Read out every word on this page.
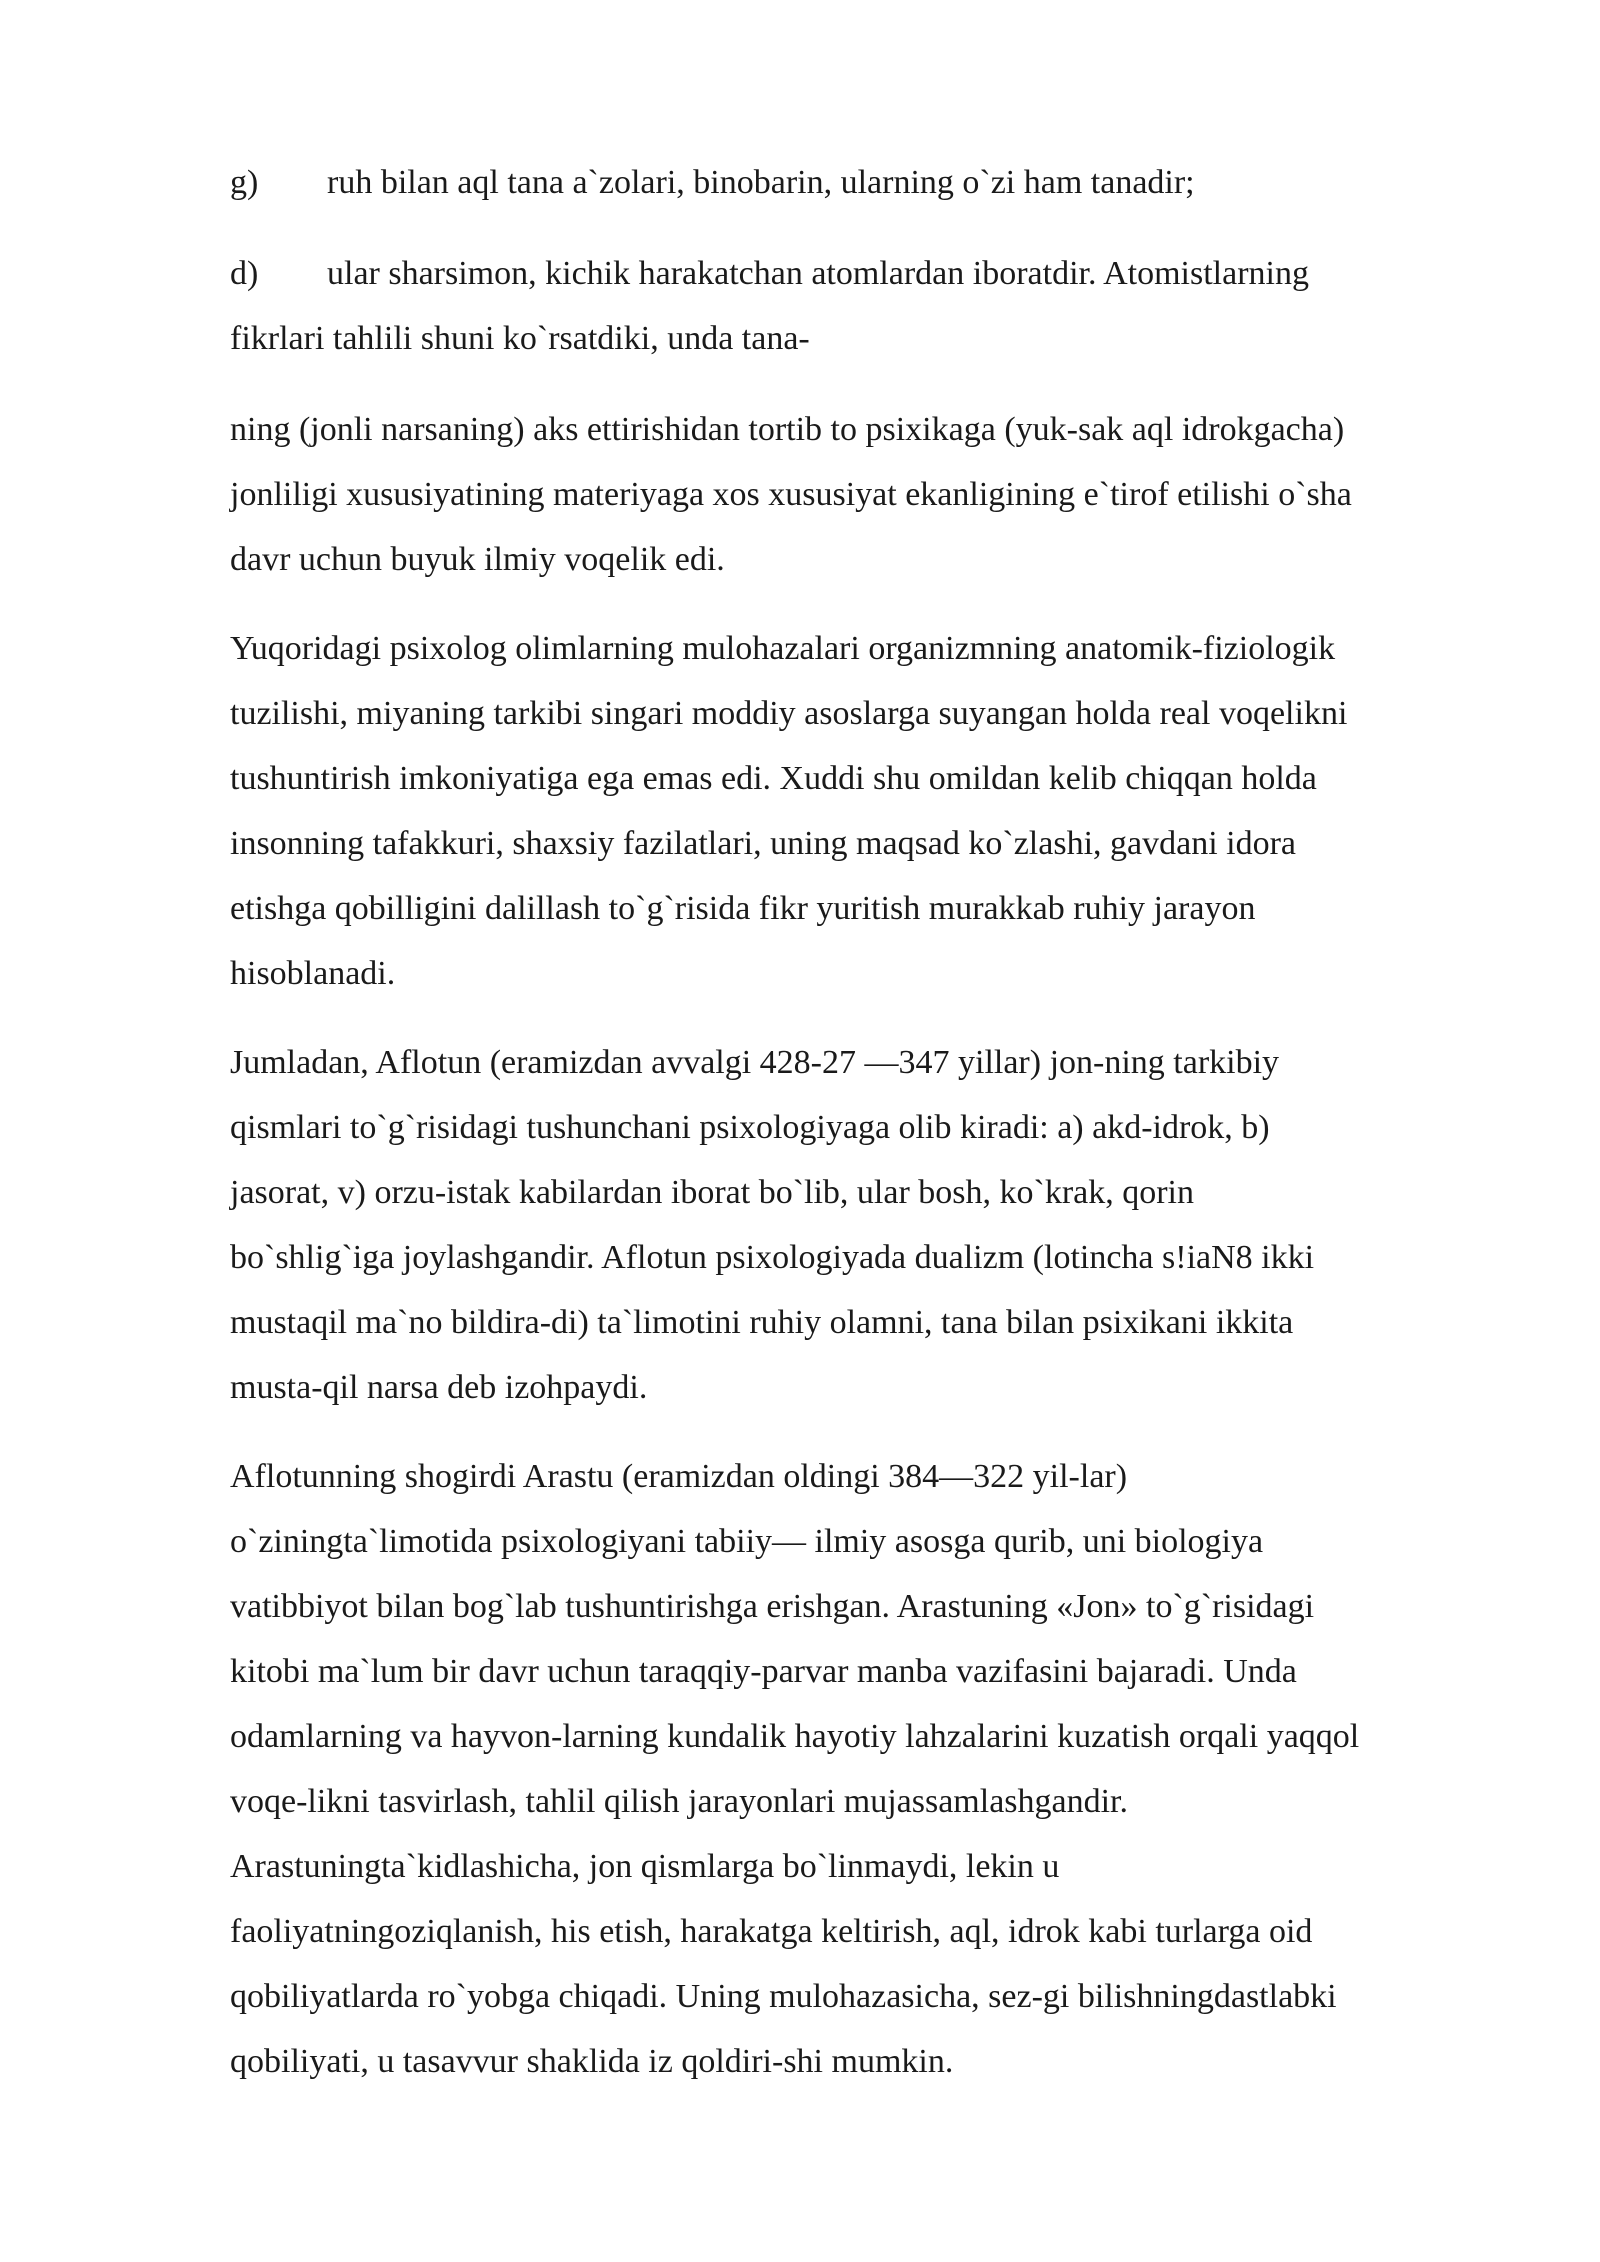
g)	ruh bilan aql tana a`zolari, binobarin, ularning o`zi ham tanadir;
d)	ular sharsimon, kichik harakatchan atomlardan iboratdir. Atomistlarning
fikrlari tahlili shuni ko`rsatdiki, unda tana-
ning (jonli narsaning) aks ettirishidan tortib to psixikaga (yuk-sak aql idrokgacha)
jonliligi xususiyatining materiyaga xos xususiyat ekanligining e`tirof etilishi o`sha
davr uchun buyuk ilmiy voqelik edi.
Yuqoridagi psixolog olimlarning mulohazalari organizmning anatomik-fiziologik
tuzilishi, miyaning tarkibi singari moddiy asoslarga suyangan holda real voqelikni
tushuntirish imkoniyatiga ega emas edi. Xuddi shu omildan kelib chiqqan holda
insonning tafakkuri, shaxsiy fazilatlari, uning maqsad ko`zlashi, gavdani idora
etishga qobilligini dalillash to`g`risida fikr yuritish murakkab ruhiy jarayon
hisoblanadi.
Jumladan, Aflotun (eramizdan avvalgi 428-27 —347 yillar) jon-ning tarkibiy
qismlari to`g`risidagi tushunchani psixologiyaga olib kiradi: a) akd-idrok, b)
jasorat, v) orzu-istak kabilardan iborat bo`lib, ular bosh, ko`krak, qorin
bo`shlig`iga joylashgandir. Aflotun psixologiyada dualizm (lotincha s!iaN8 ikki
mustaqil ma`no bildira-di) ta`limotini ruhiy olamni, tana bilan psixikani ikkita
musta-qil narsa deb izohpaydi.
Aflotunning shogirdi Arastu (eramizdan oldingi 384—322 yil-lar)
o`ziningta`limotida psixologiyani tabiiy— ilmiy asosga qurib, uni biologiya
vatibbiyot bilan bog`lab tushuntirishga erishgan. Arastuning «Jon» to`g`risidagi
kitobi ma`lum bir davr uchun taraqqiy-parvar manba vazifasini bajaradi. Unda
odamlarning va hayvon-larning kundalik hayotiy lahzalarini kuzatish orqali yaqqol
voqe-likni tasvirlash, tahlil qilish jarayonlari mujassamlashgandir.
Arastuningta`kidlashicha, jon qismlarga bo`linmaydi, lekin u
faoliyatningoziqlanish, his etish, harakatga keltirish, aql, idrok kabi turlarga oid
qobiliyatlarda ro`yobga chiqadi. Uning mulohazasicha, sez-gi bilishningdastlabki
qobiliyati, u tasavvur shaklida iz qoldiri-shi mumkin.
